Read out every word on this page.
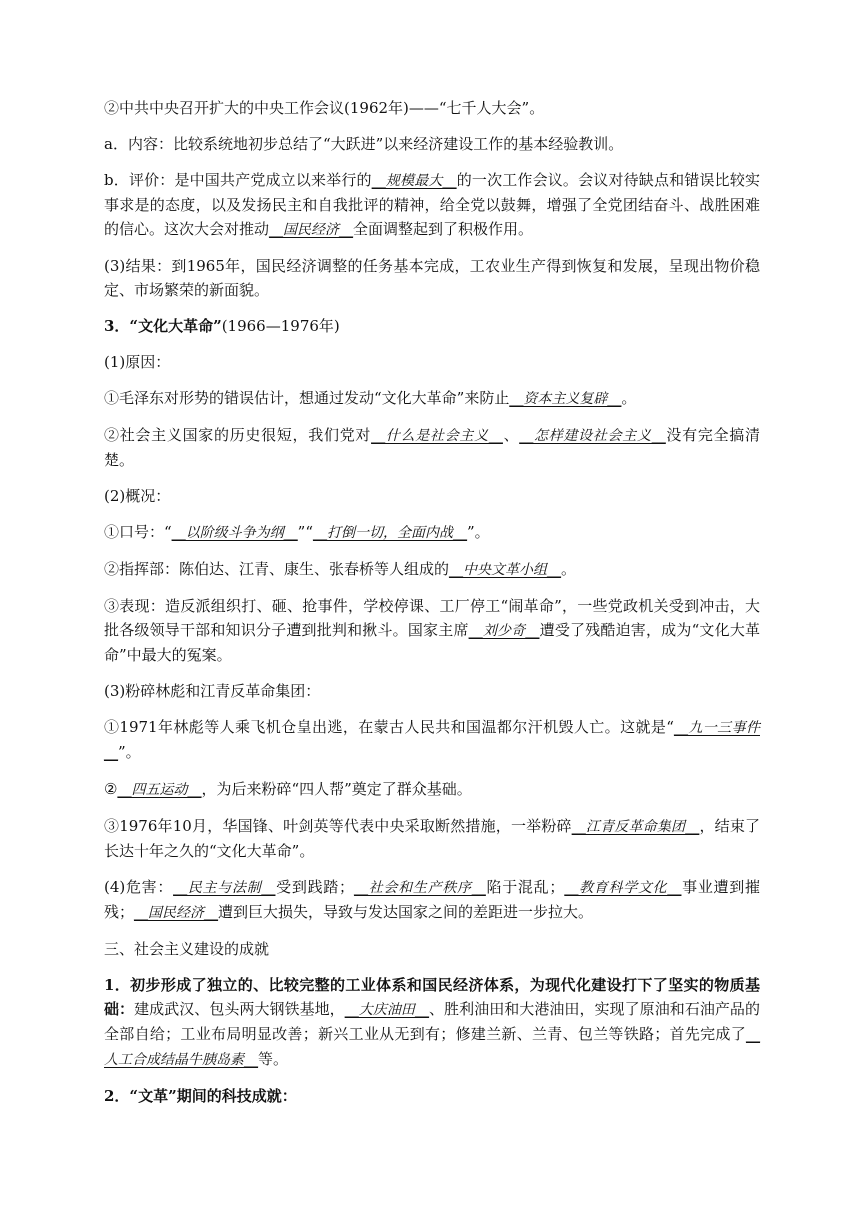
②中共中央召开扩大的中央工作会议(1962年)——“七千人大会”。

a．内容：比较系统地初步总结了“大跃进”以来经济建设工作的基本经验教训。

b．评价：是中国共产党成立以来举行的__规模最大__的一次工作会议。会议对待缺点和错误比较实事求是的态度，以及发扬民主和自我批评的精神，给全党以鼓舞，增强了全党团结奋斗、战胜困难的信心。这次大会对推动__国民经济__全面调整起到了积极作用。

(3)结果：到1965年，国民经济调整的任务基本完成，工农业生产得到恢复和发展，呈现出物价稳定、市场繁荣的新面貌。

3．“文化大革命”(1966—1976年)

(1)原因：

①毛泽东对形势的错误估计，想通过发动“文化大革命”来防止__资本主义复辟__。

②社会主义国家的历史很短，我们党对__什么是社会主义__、__怎样建设社会主义__没有完全搞清楚。

(2)概况：

①口号：“__以阶级斗争为纲__”“__打倒一切，全面内战__”。

②指挥部：陈伯达、江青、康生、张春桥等人组成的__中央文革小组__。

③表现：造反派组织打、砸、抢事件，学校停课、工厂停工“闹革命”，一些党政机关受到冲击，大批各级领导干部和知识分子遭到批判和揪斗。国家主席__刘少奇__遭受了残酷迫害，成为“文化大革命”中最大的冤案。

(3)粉碎林彪和江青反革命集团：

①1971年林彪等人乘飞机仓皇出逃，在蒙古人民共和国温都尔汗机毁人亡。这就是“__九一三事件__”。

②__四五运动__，为后来粉碎“四人帮”奠定了群众基础。

③1976年10月，华国锋、叶剑英等代表中央采取断然措施，一举粉碎__江青反革命集团__，结束了长达十年之久的“文化大革命”。

(4)危害：__民主与法制__受到践踏；__社会和生产秩序__陷于混乱；__教育科学文化__事业遭到摧残；__国民经济__遭到巨大损失，导致与发达国家之间的差距进一步拉大。

三、社会主义建设的成就

1．初步形成了独立的、比较完整的工业体系和国民经济体系，为现代化建设打下了坚实的物质基础：建成武汉、包头两大钢铁基地，__大庆油田__、胜利油田和大港油田，实现了原油和石油产品的全部自给；工业布局明显改善；新兴工业从无到有；修建兰新、兰青、包兰等铁路；首先完成了__人工合成结晶牛胰岛素__等。

2．“文革”期间的科技成就：
